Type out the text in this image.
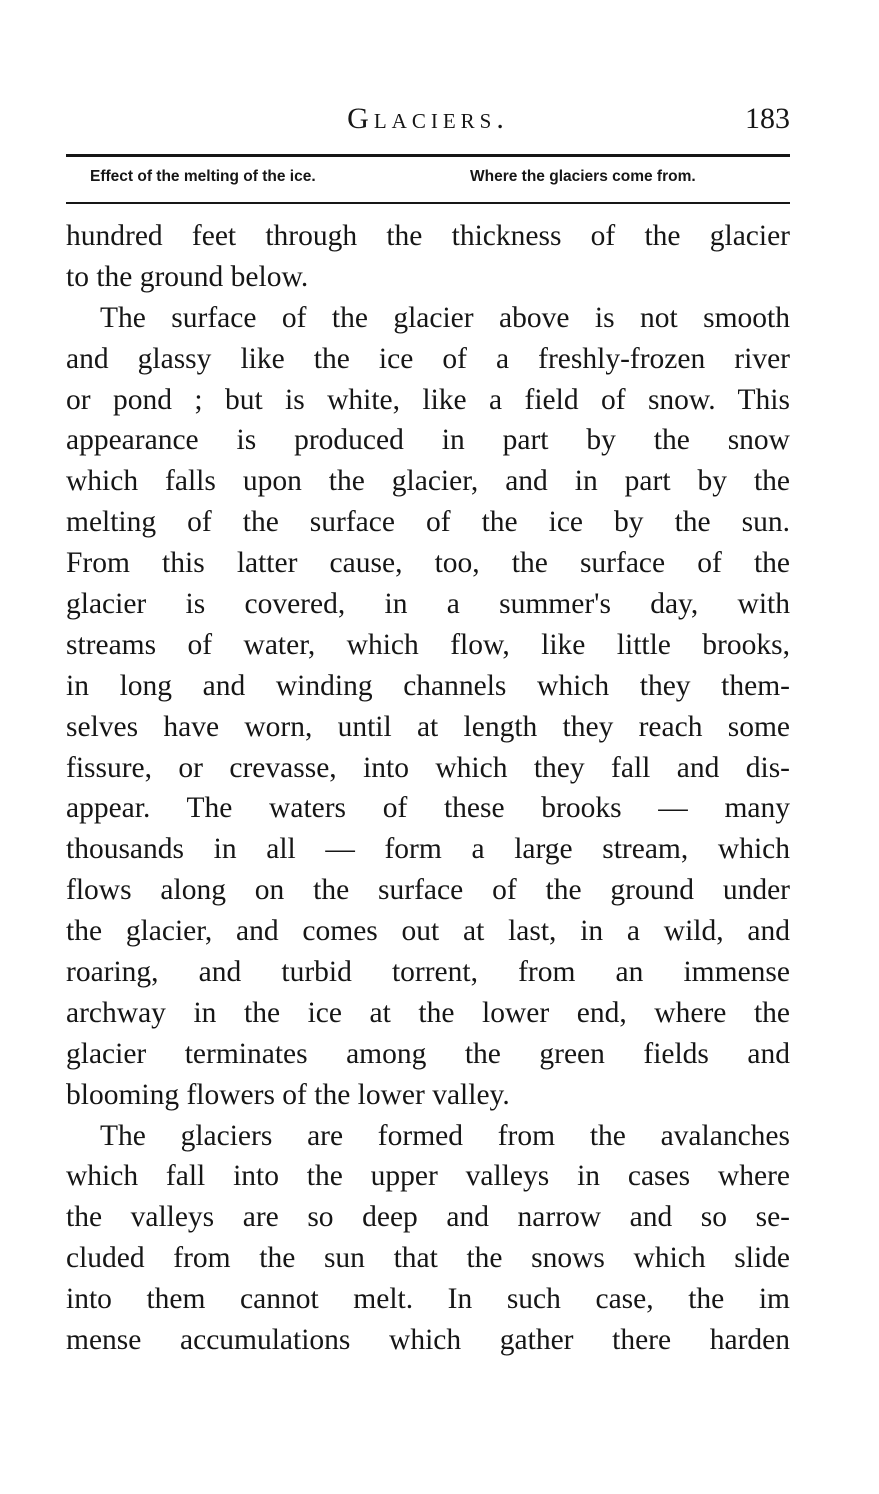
Glaciers.	183
Effect of the melting of the ice.	Where the glaciers come from.
hundred feet through the thickness of the glacier
to the ground below.
The surface of the glacier above is not smooth
and glassy like the ice of a freshly-frozen river
or pond ; but is white, like a field of snow. This
appearance is produced in part by the snow
which falls upon the glacier, and in part by the
melting of the surface of the ice by the sun.
From this latter cause, too, the surface of the
glacier is covered, in a summer's day, with
streams of water, which flow, like little brooks,
in long and winding channels which they them-
selves have worn, until at length they reach some
fissure, or crevasse, into which they fall and dis-
appear. The waters of these brooks — many
thousands in all — form a large stream, which
flows along on the surface of the ground under
the glacier, and comes out at last, in a wild, and
roaring, and turbid torrent, from an immense
archway in the ice at the lower end, where the
glacier terminates among the green fields and
blooming flowers of the lower valley.
The glaciers are formed from the avalanches
which fall into the upper valleys in cases where
the valleys are so deep and narrow and so se-
cluded from the sun that the snows which slide
into them cannot melt. In such case, the im
mense accumulations which gather there harden
